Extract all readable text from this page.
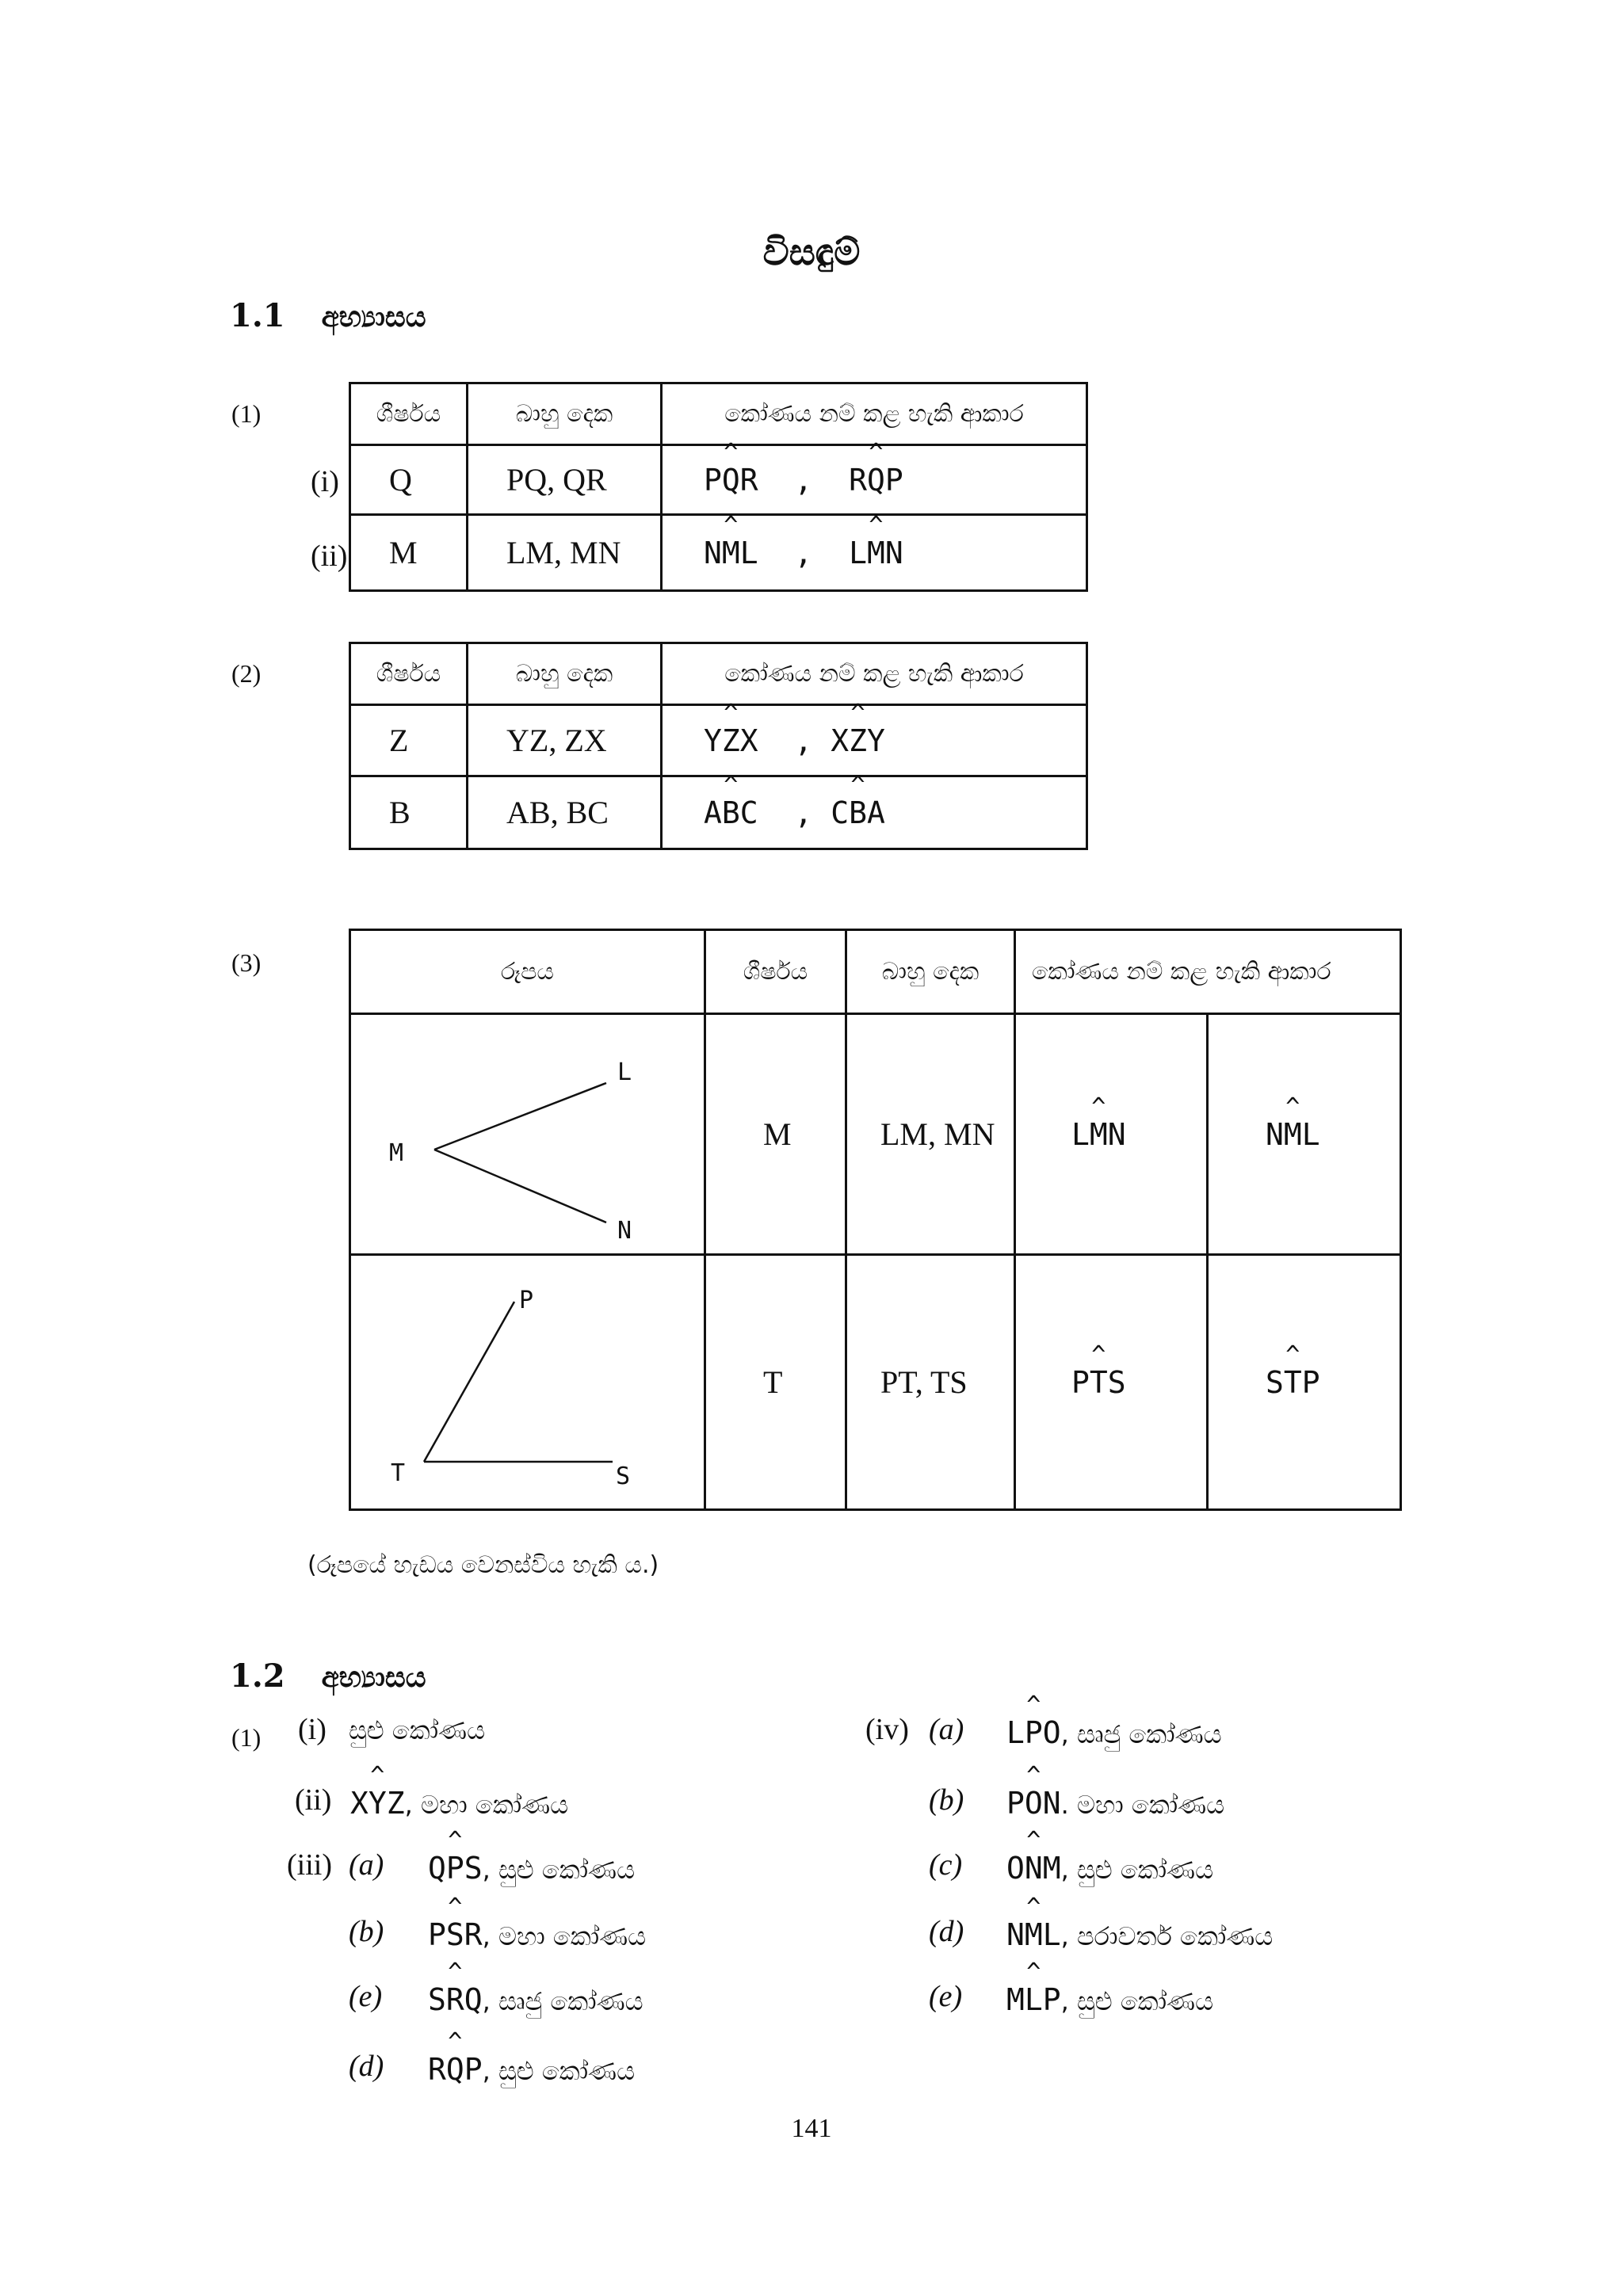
විසඳුම්
1.1 අභ්‍යාසය
(1)
(i)
(ii)
ශීර්ෂය	බාහු දෙක	කෝණය නම් කළ හැකි ආකාර
Q	PQ, QR	P^ QR  ,  R^ QP
M	LM, MN	N^ ML  ,  L^ MN
(2)	ශීර්ෂය	බාහු දෙක	කෝණය නම් කළ හැකි ආකාර
Z	YZ, ZX	Y^ ZX  , X^ ZY
B	AB, BC	A^ BC  , C^ BA
(3)	රූපය	ශීර්ෂය	බාහු දෙක	කෝණය නම් කළ හැකි ආකාර	

M
L
N	M	LM, MN	L^ MN	N^ ML

T
P
S	T	PT, TS	P^ TS	S^ TP
(රූපයේ හැඩය වෙනස්විය හැකි ය.)
1.2 අභ්‍යාසය
(1) (i) සුළු කෝණය
(ii) X^ YZ, මහා කෝණය
(iii) (a) Q^ PS, සුළු කෝණය
(b) P^ SR, මහා කෝණය
(e) S^ RQ, සෘජු කෝණය
(d) R^ QP, සුළු කෝණය
(iv) (a) L^ PO, සෘජු කෝණය
(b) P^ ON. මහා කෝණය
(c) O^ NM, සුළු කෝණය
(d) N^ ML, පරාවර්ත කෝණය
(e) M^ LP, සුළු කෝණය
141
